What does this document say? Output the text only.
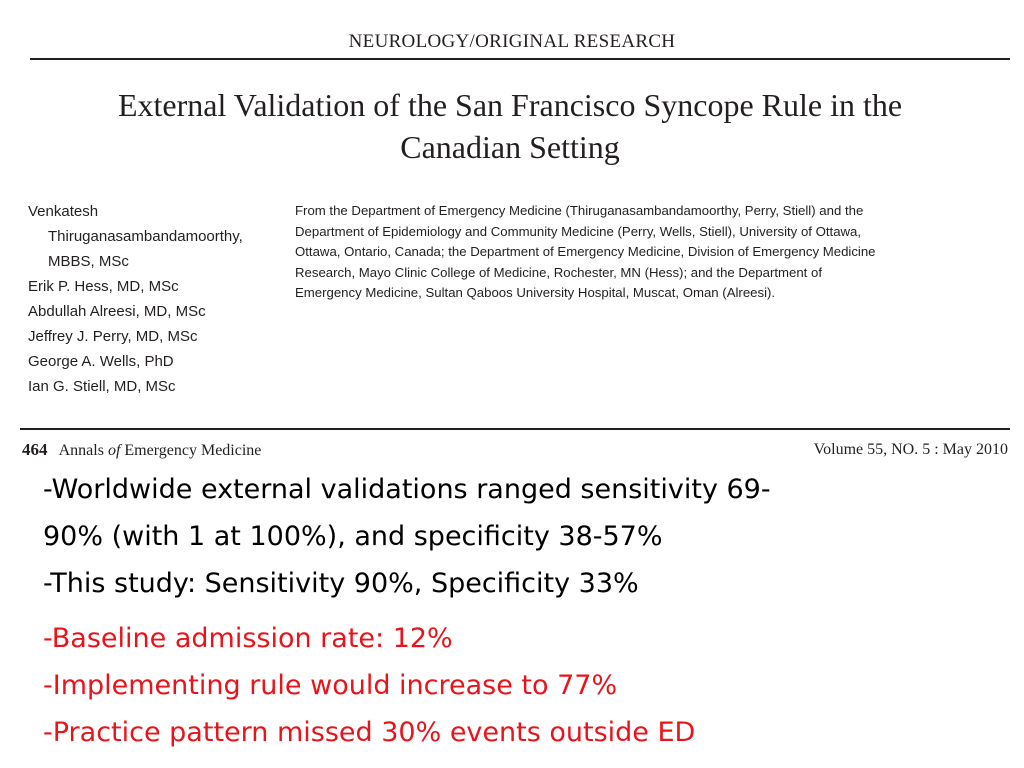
NEUROLOGY/ORIGINAL RESEARCH
External Validation of the San Francisco Syncope Rule in the
Canadian Setting
Venkatesh
Thiruganasambandamoorthy,
MBBS, MSc
Erik P. Hess, MD, MSc
Abdullah Alreesi, MD, MSc
Jeffrey J. Perry, MD, MSc
George A. Wells, PhD
Ian G. Stiell, MD, MSc
From the Department of Emergency Medicine (Thiruganasambandamoorthy, Perry, Stiell) and the
Department of Epidemiology and Community Medicine (Perry, Wells, Stiell), University of Ottawa,
Ottawa, Ontario, Canada; the Department of Emergency Medicine, Division of Emergency Medicine
Research, Mayo Clinic College of Medicine, Rochester, MN (Hess); and the Department of
Emergency Medicine, Sultan Qaboos University Hospital, Muscat, Oman (Alreesi).
464 Annals of Emergency Medicine	Volume 55, NO. 5 : May 2010
-Worldwide external validations ranged sensitivity 69-
90% (with 1 at 100%), and specificity 38-57%
-This study: Sensitivity 90%, Specificity 33%
-Baseline admission rate: 12%
-Implementing rule would increase to 77%
-Practice pattern missed 30% events outside ED
